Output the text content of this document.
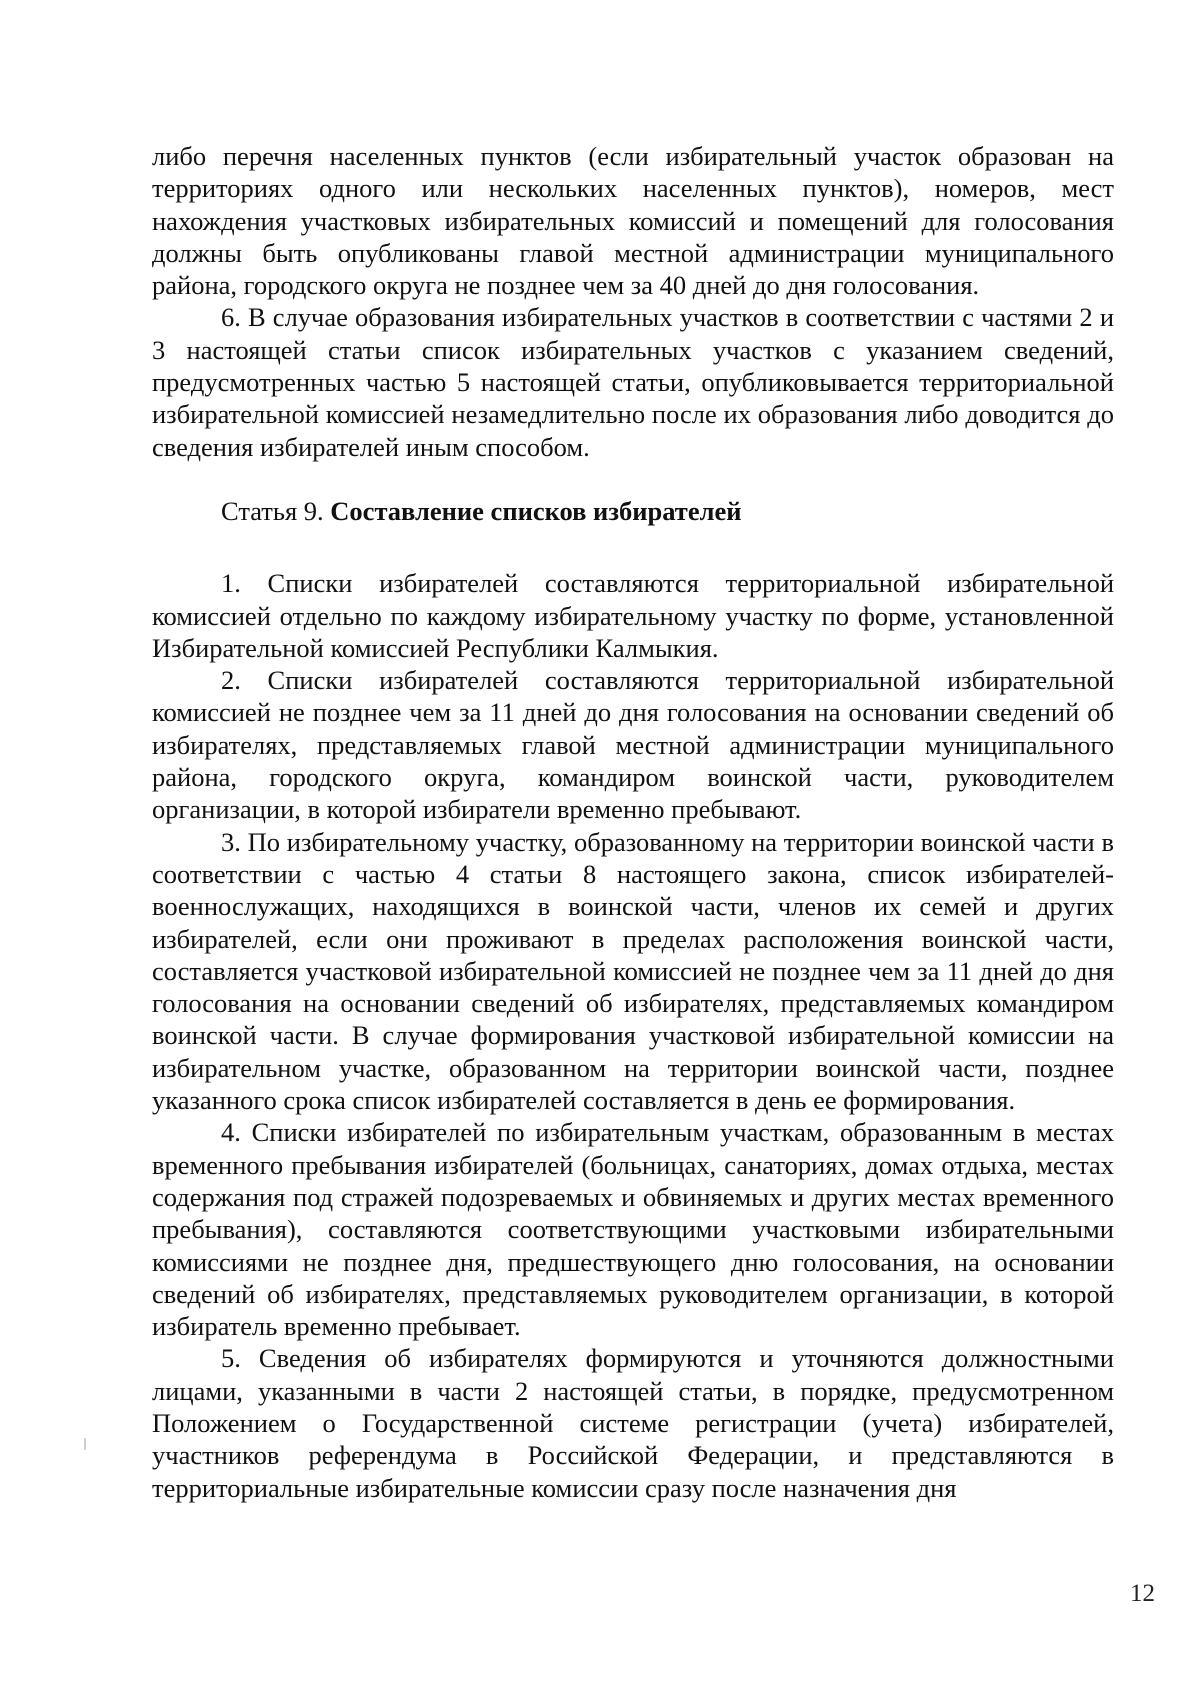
либо перечня населенных пунктов (если избирательный участок образован на территориях одного или нескольких населенных пунктов), номеров, мест нахождения участковых избирательных комиссий и помещений для голосования должны быть опубликованы главой местной администрации муниципального района, городского округа не позднее чем за 40 дней до дня голосования.

6. В случае образования избирательных участков в соответствии с частями 2 и 3 настоящей статьи список избирательных участков с указанием сведений, предусмотренных частью 5 настоящей статьи, опубликовывается территориальной избирательной комиссией незамедлительно после их образования либо доводится до сведения избирателей иным способом.

Статья 9. Составление списков избирателей

1. Списки избирателей составляются территориальной избирательной комиссией отдельно по каждому избирательному участку по форме, установленной Избирательной комиссией Республики Калмыкия.

2. Списки избирателей составляются территориальной избирательной комиссией не позднее чем за 11 дней до дня голосования на основании сведений об избирателях, представляемых главой местной администрации муниципального района, городского округа, командиром воинской части, руководителем организации, в которой избиратели временно пребывают.

3. По избирательному участку, образованному на территории воинской части в соответствии с частью 4 статьи 8 настоящего закона, список избирателей-военнослужащих, находящихся в воинской части, членов их семей и других избирателей, если они проживают в пределах расположения воинской части, составляется участковой избирательной комиссией не позднее чем за 11 дней до дня голосования на основании сведений об избирателях, представляемых командиром воинской части. В случае формирования участковой избирательной комиссии на избирательном участке, образованном на территории воинской части, позднее указанного срока список избирателей составляется в день ее формирования.

4. Списки избирателей по избирательным участкам, образованным в местах временного пребывания избирателей (больницах, санаториях, домах отдыха, местах содержания под стражей подозреваемых и обвиняемых и других местах временного пребывания), составляются соответствующими участковыми избирательными комиссиями не позднее дня, предшествующего дню голосования, на основании сведений об избирателях, представляемых руководителем организации, в которой избиратель временно пребывает.

5. Сведения об избирателях формируются и уточняются должностными лицами, указанными в части 2 настоящей статьи, в порядке, предусмотренном Положением о Государственной системе регистрации (учета) избирателей, участников референдума в Российской Федерации, и представляются в территориальные избирательные комиссии сразу после назначения дня

12
